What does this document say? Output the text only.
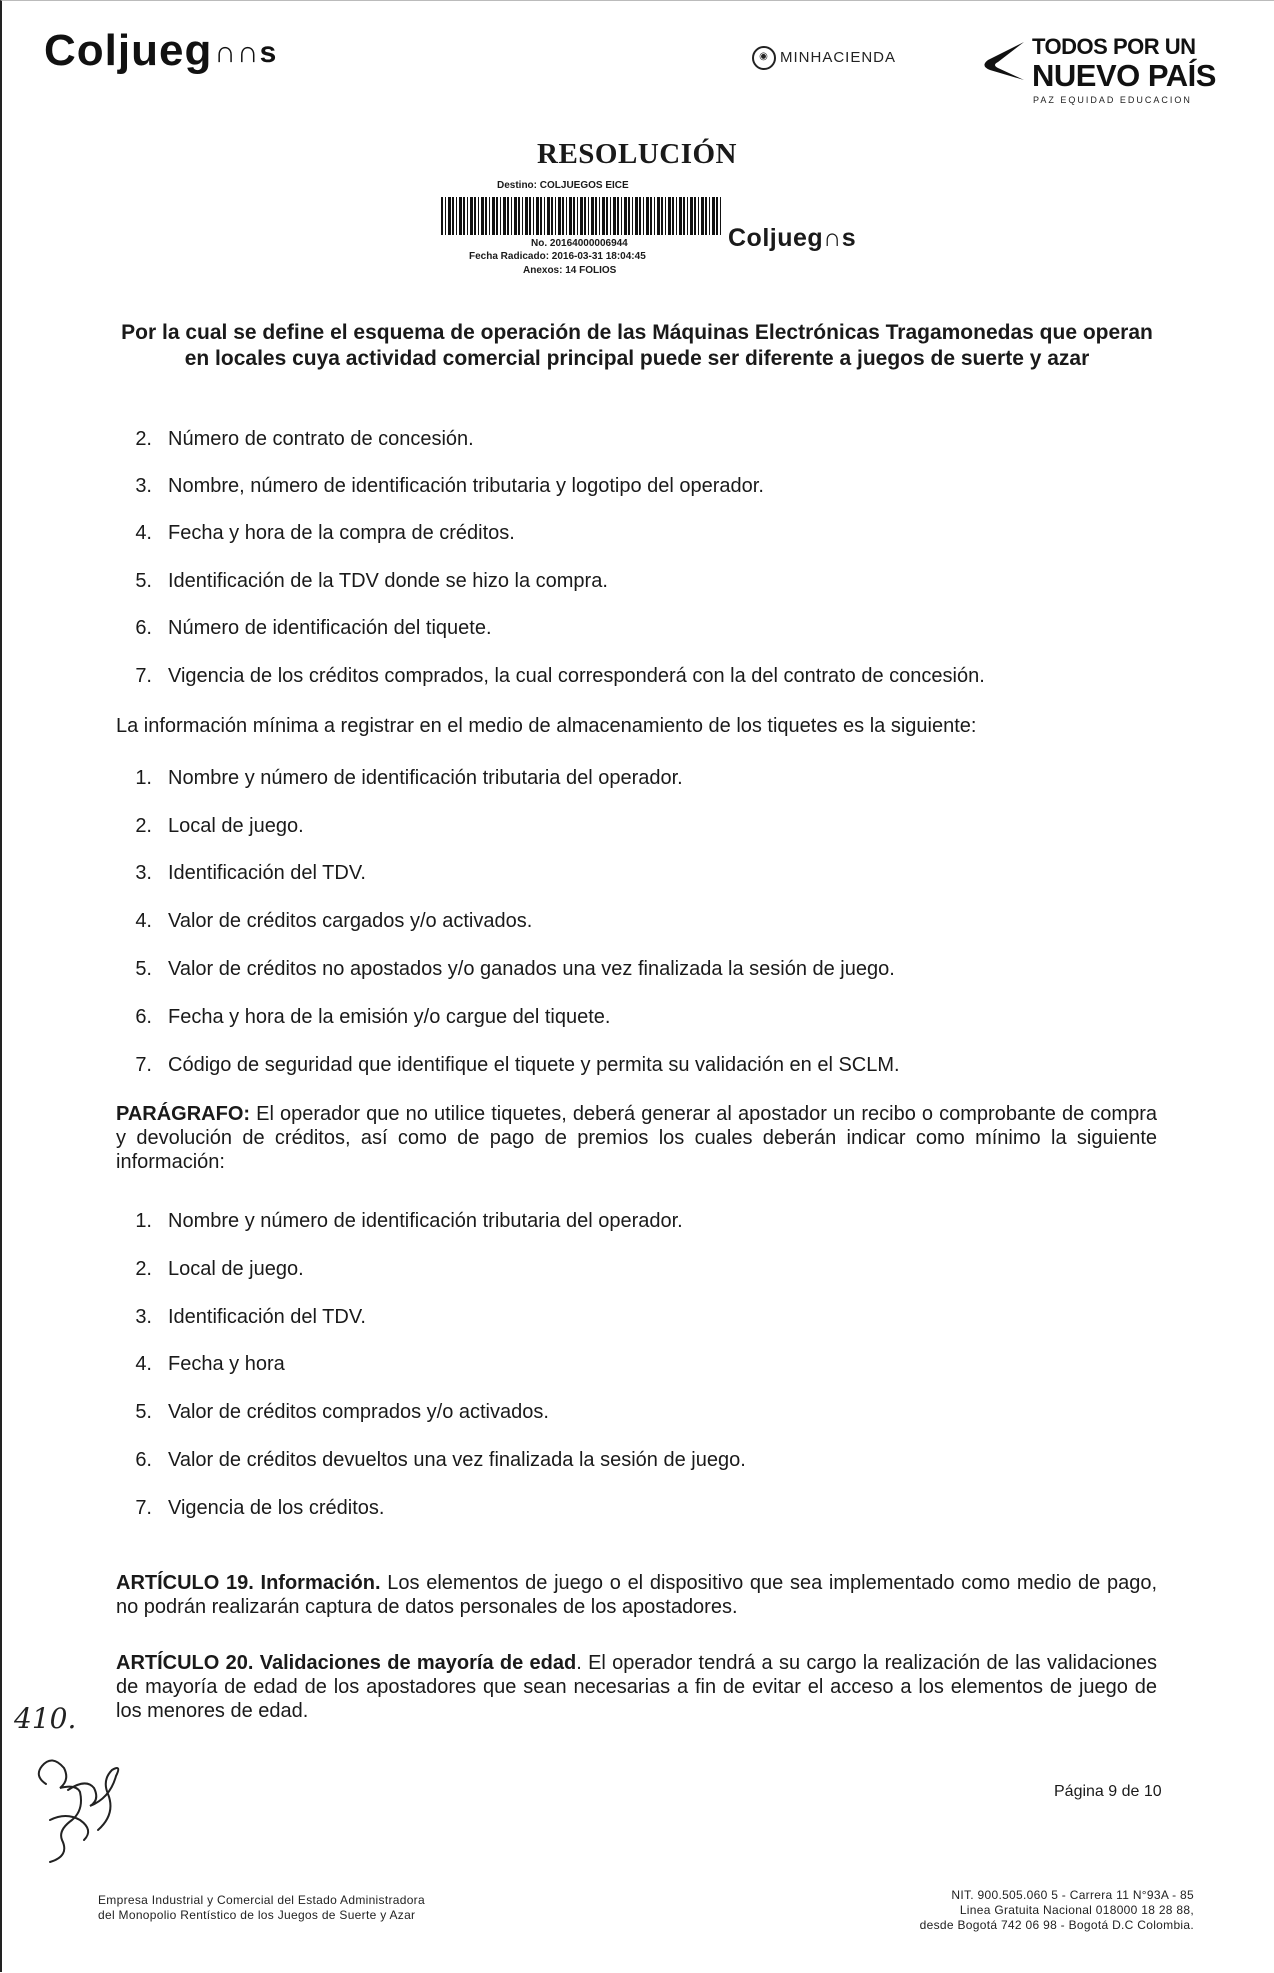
Coljueg∩∩s	◉ MINHACIENDA	TODOS POR UN
NUEVO PAÍS
PAZ EQUIDAD EDUCACION
RESOLUCIÓN
Destino: COLJUEGOS EICE
No. 20164000006944
Fecha Radicado: 2016-03-31 18:04:45
Anexos: 14 FOLIOS
Coljueg∩s
Por la cual se define el esquema de operación de las Máquinas Electrónicas Tragamonedas que operan en locales cuya actividad comercial principal puede ser diferente a juegos de suerte y azar
2. Número de contrato de concesión.
3. Nombre, número de identificación tributaria y logotipo del operador.
4. Fecha y hora de la compra de créditos.
5. Identificación de la TDV donde se hizo la compra.
6. Número de identificación del tiquete.
7. Vigencia de los créditos comprados, la cual corresponderá con la del contrato de concesión.
La información mínima a registrar en el medio de almacenamiento de los tiquetes es la siguiente:
1. Nombre y número de identificación tributaria del operador.
2. Local de juego.
3. Identificación del TDV.
4. Valor de créditos cargados y/o activados.
5. Valor de créditos no apostados y/o ganados una vez finalizada la sesión de juego.
6. Fecha y hora de la emisión y/o cargue del tiquete.
7. Código de seguridad que identifique el tiquete y permita su validación en el SCLM.
PARÁGRAFO: El operador que no utilice tiquetes, deberá generar al apostador un recibo o comprobante de compra y devolución de créditos, así como de pago de premios los cuales deberán indicar como mínimo la siguiente información:
1. Nombre y número de identificación tributaria del operador.
2. Local de juego.
3. Identificación del TDV.
4. Fecha y hora
5. Valor de créditos comprados y/o activados.
6. Valor de créditos devueltos una vez finalizada la sesión de juego.
7. Vigencia de los créditos.
ARTÍCULO 19. Información. Los elementos de juego o el dispositivo que sea implementado como medio de pago, no podrán realizarán captura de datos personales de los apostadores.
ARTÍCULO 20. Validaciones de mayoría de edad. El operador tendrá a su cargo la realización de las validaciones de mayoría de edad de los apostadores que sean necesarias a fin de evitar el acceso a los elementos de juego de los menores de edad.
410.
Página 9 de 10
Empresa Industrial y Comercial del Estado Administradora
del Monopolio Rentístico de los Juegos de Suerte y Azar
NIT. 900.505.060 5 - Carrera 11 N°93A - 85
Linea Gratuita Nacional 018000 18 28 88,
desde Bogotá 742 06 98 - Bogotá D.C Colombia.
